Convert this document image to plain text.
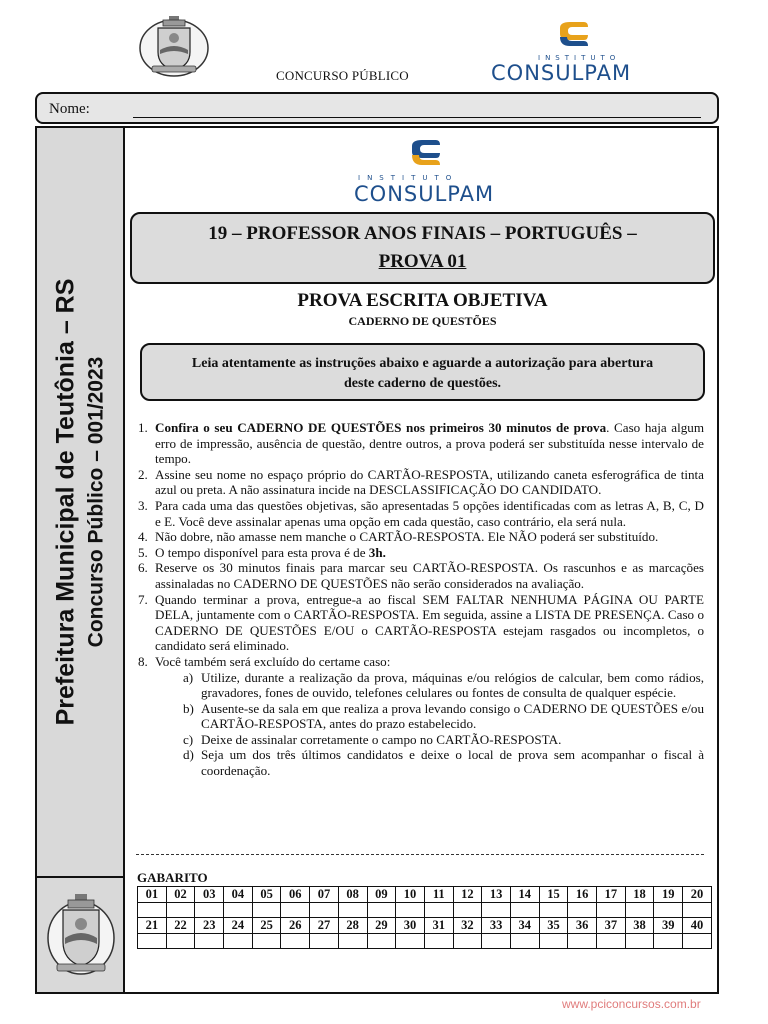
CONCURSO PÚBLICO
INSTITUTO
CONSULPAM
Nome:
Prefeitura Municipal de Teutônia – RS Concurso Público – 001/2023
INSTITUTO
CONSULPAM
19 – PROFESSOR ANOS FINAIS – PORTUGUÊS –
PROVA 01
PROVA ESCRITA OBJETIVA
CADERNO DE QUESTÕES
Leia atentamente as instruções abaixo e aguarde a autorização para abertura
deste caderno de questões.
1. Confira o seu CADERNO DE QUESTÕES nos primeiros 30 minutos de prova. Caso haja algum erro de impressão, ausência de questão, dentre outros, a prova poderá ser substituída nesse intervalo de tempo.
2. Assine seu nome no espaço próprio do CARTÃO-RESPOSTA, utilizando caneta esferográfica de tinta azul ou preta. A não assinatura incide na DESCLASSIFICAÇÃO DO CANDIDATO.
3. Para cada uma das questões objetivas, são apresentadas 5 opções identificadas com as letras A, B, C, D e E. Você deve assinalar apenas uma opção em cada questão, caso contrário, ela será nula.
4. Não dobre, não amasse nem manche o CARTÃO-RESPOSTA. Ele NÃO poderá ser substituído.
5. O tempo disponível para esta prova é de 3h.
6. Reserve os 30 minutos finais para marcar seu CARTÃO-RESPOSTA. Os rascunhos e as marcações assinaladas no CADERNO DE QUESTÕES não serão considerados na avaliação.
7. Quando terminar a prova, entregue-a ao fiscal SEM FALTAR NENHUMA PÁGINA OU PARTE DELA, juntamente com o CARTÃO-RESPOSTA. Em seguida, assine a LISTA DE PRESENÇA. Caso o CADERNO DE QUESTÕES E/OU o CARTÃO-RESPOSTA estejam rasgados ou incompletos, o candidato será eliminado.
8. Você também será excluído do certame caso:
a) Utilize, durante a realização da prova, máquinas e/ou relógios de calcular, bem como rádios, gravadores, fones de ouvido, telefones celulares ou fontes de consulta de qualquer espécie.
b) Ausente-se da sala em que realiza a prova levando consigo o CADERNO DE QUESTÕES e/ou CARTÃO-RESPOSTA, antes do prazo estabelecido.
c) Deixe de assinalar corretamente o campo no CARTÃO-RESPOSTA.
d) Seja um dos três últimos candidatos e deixe o local de prova sem acompanhar o fiscal à coordenação.
GABARITO
01	02	03	04	05	06	07	08	09	10	11	12	13	14	15	16	17	18	19	20

21	22	23	24	25	26	27	28	29	30	31	32	33	34	35	36	37	38	39	40

www.pciconcursos.com.br
